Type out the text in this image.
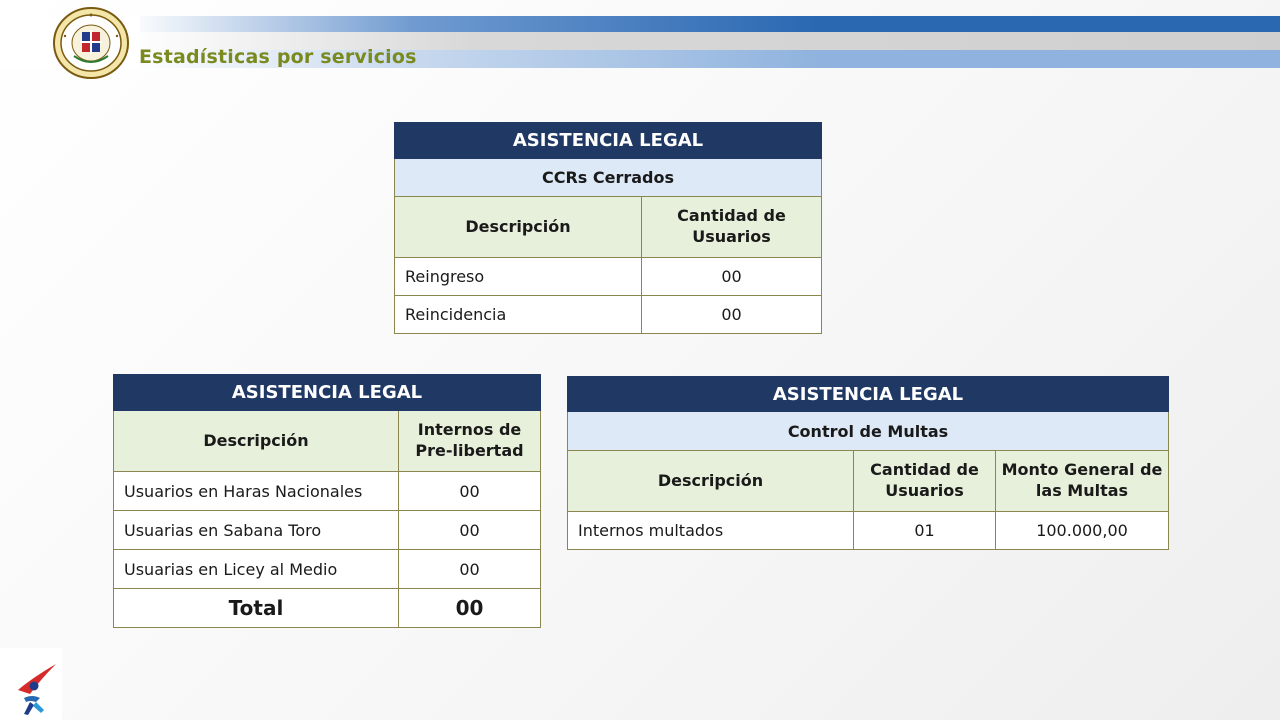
Estadísticas por servicios
ASISTENCIA LEGAL	
CCRs Cerrados	
Descripción	Cantidad de Usuarios
Reingreso	00
Reincidencia	00
ASISTENCIA LEGAL	
Descripción	Internos de Pre-libertad
Usuarios en Haras Nacionales	00
Usuarias en Sabana Toro	00
Usuarias en Licey al Medio	00
Total	00
ASISTENCIA LEGAL		
Control de Multas		
Descripción	Cantidad de Usuarios	Monto General de las Multas
Internos multados	01	100.000,00
